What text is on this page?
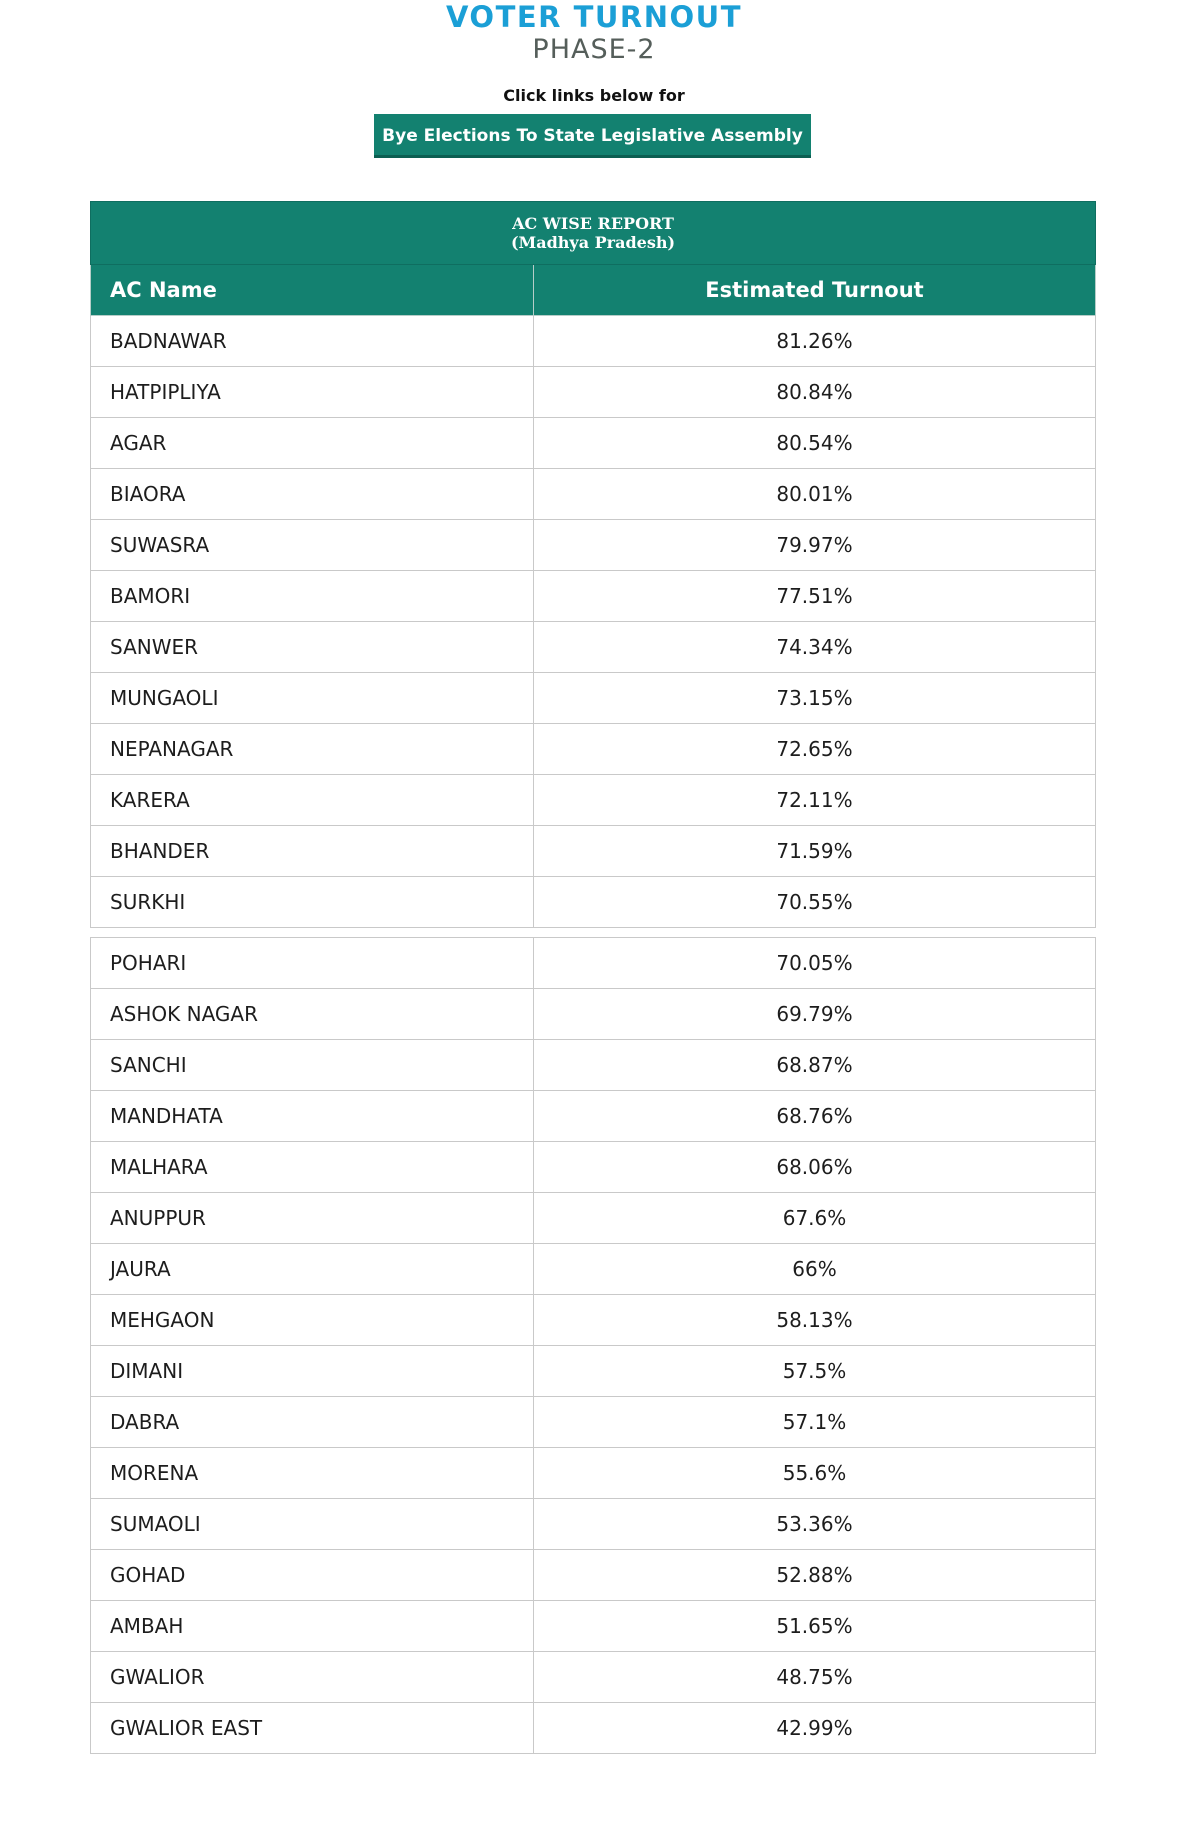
VOTER TURNOUT
PHASE-2
Click links below for
Bye Elections To State Legislative Assembly
AC WISE REPORT
(Madhya Pradesh)	

AC Name	Estimated Turnout
BADNAWAR	81.26%
HATPIPLIYA	80.84%
AGAR	80.54%
BIAORA	80.01%
SUWASRA	79.97%
BAMORI	77.51%
SANWER	74.34%
MUNGAOLI	73.15%
NEPANAGAR	72.65%
KARERA	72.11%
BHANDER	71.59%
SURKHI	70.55%

POHARI	70.05%
ASHOK NAGAR	69.79%
SANCHI	68.87%
MANDHATA	68.76%
MALHARA	68.06%
ANUPPUR	67.6%
JAURA	66%
MEHGAON	58.13%
DIMANI	57.5%
DABRA	57.1%
MORENA	55.6%
SUMAOLI	53.36%
GOHAD	52.88%
AMBAH	51.65%
GWALIOR	48.75%
GWALIOR EAST	42.99%
